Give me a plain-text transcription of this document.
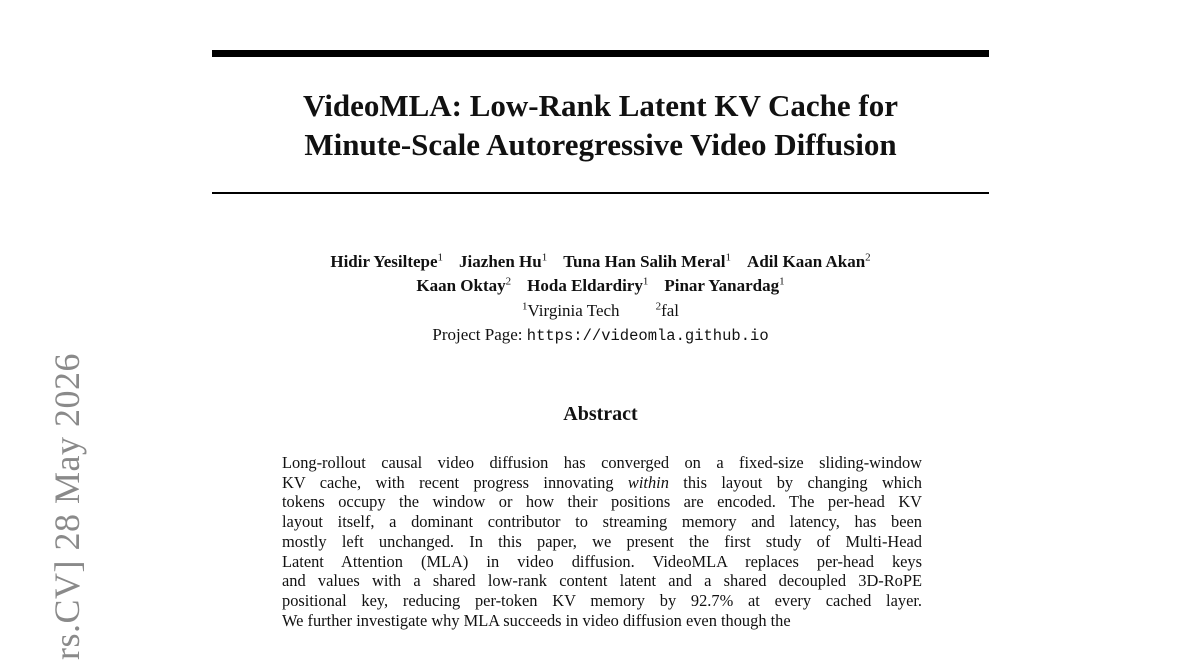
VideoMLA: Low-Rank Latent KV Cache for
Minute-Scale Autoregressive Video Diffusion
Hidir Yesiltepe$^1$ Jiazhen Hu$^1$ Tuna Han Salih Meral$^1$ Adil Kaan Akan$^2$
Kaan Oktay$^2$ Hoda Eldardiry$^1$ Pinar Yanardag$^1$
$^1$Virginia Tech	$^2$fal
Project Page: https://videomla.github.io
Abstract
Long-rollout causal video diffusion has converged on a fixed-size sliding-window
KV cache, with recent progress innovating within this layout by changing which
tokens occupy the window or how their positions are encoded. The per-head KV
layout itself, a dominant contributor to streaming memory and latency, has been
mostly left unchanged. In this paper, we present the first study of Multi-Head
Latent Attention (MLA) in video diffusion. VideoMLA replaces per-head keys
and values with a shared low-rank content latent and a shared decoupled 3D-RoPE
positional key, reducing per-token KV memory by 92.7% at every cached layer.
We further investigate why MLA succeeds in video diffusion even though the
rs.CV] 28 May 2026
